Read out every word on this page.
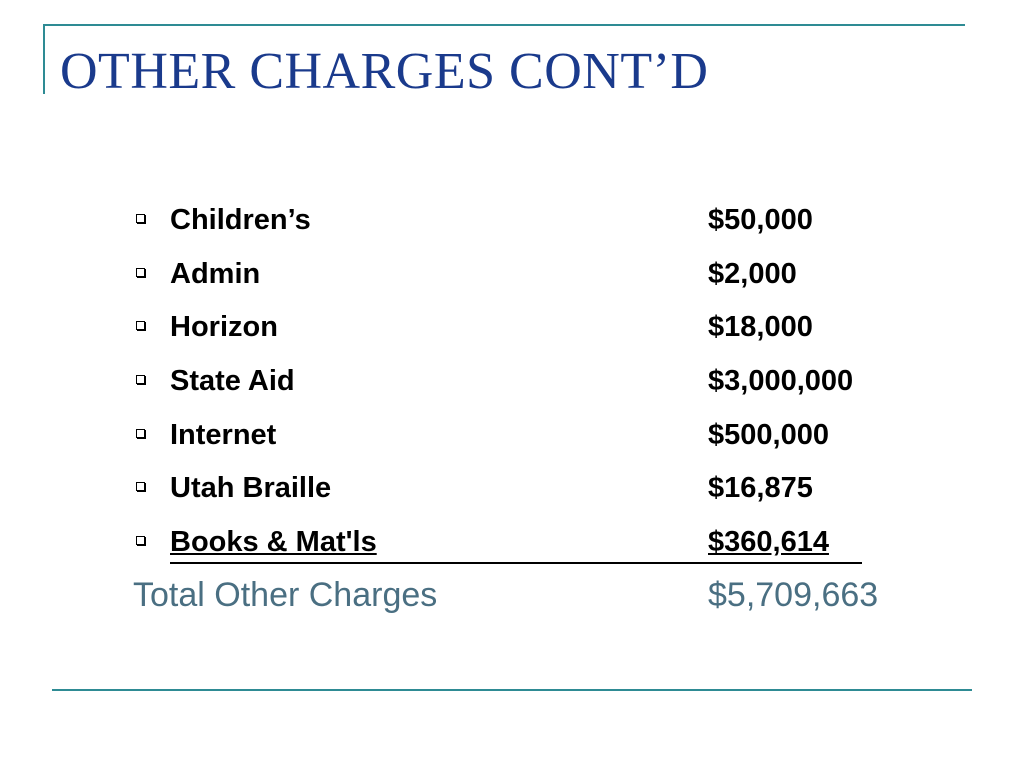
OTHER CHARGES CONT’D
Children’s	$50,000
Admin	$2,000
Horizon	$18,000
State Aid	$3,000,000
Internet	$500,000
Utah Braille	$16,875
Books & Mat'ls	$360,614
Total Other Charges	$5,709,663
